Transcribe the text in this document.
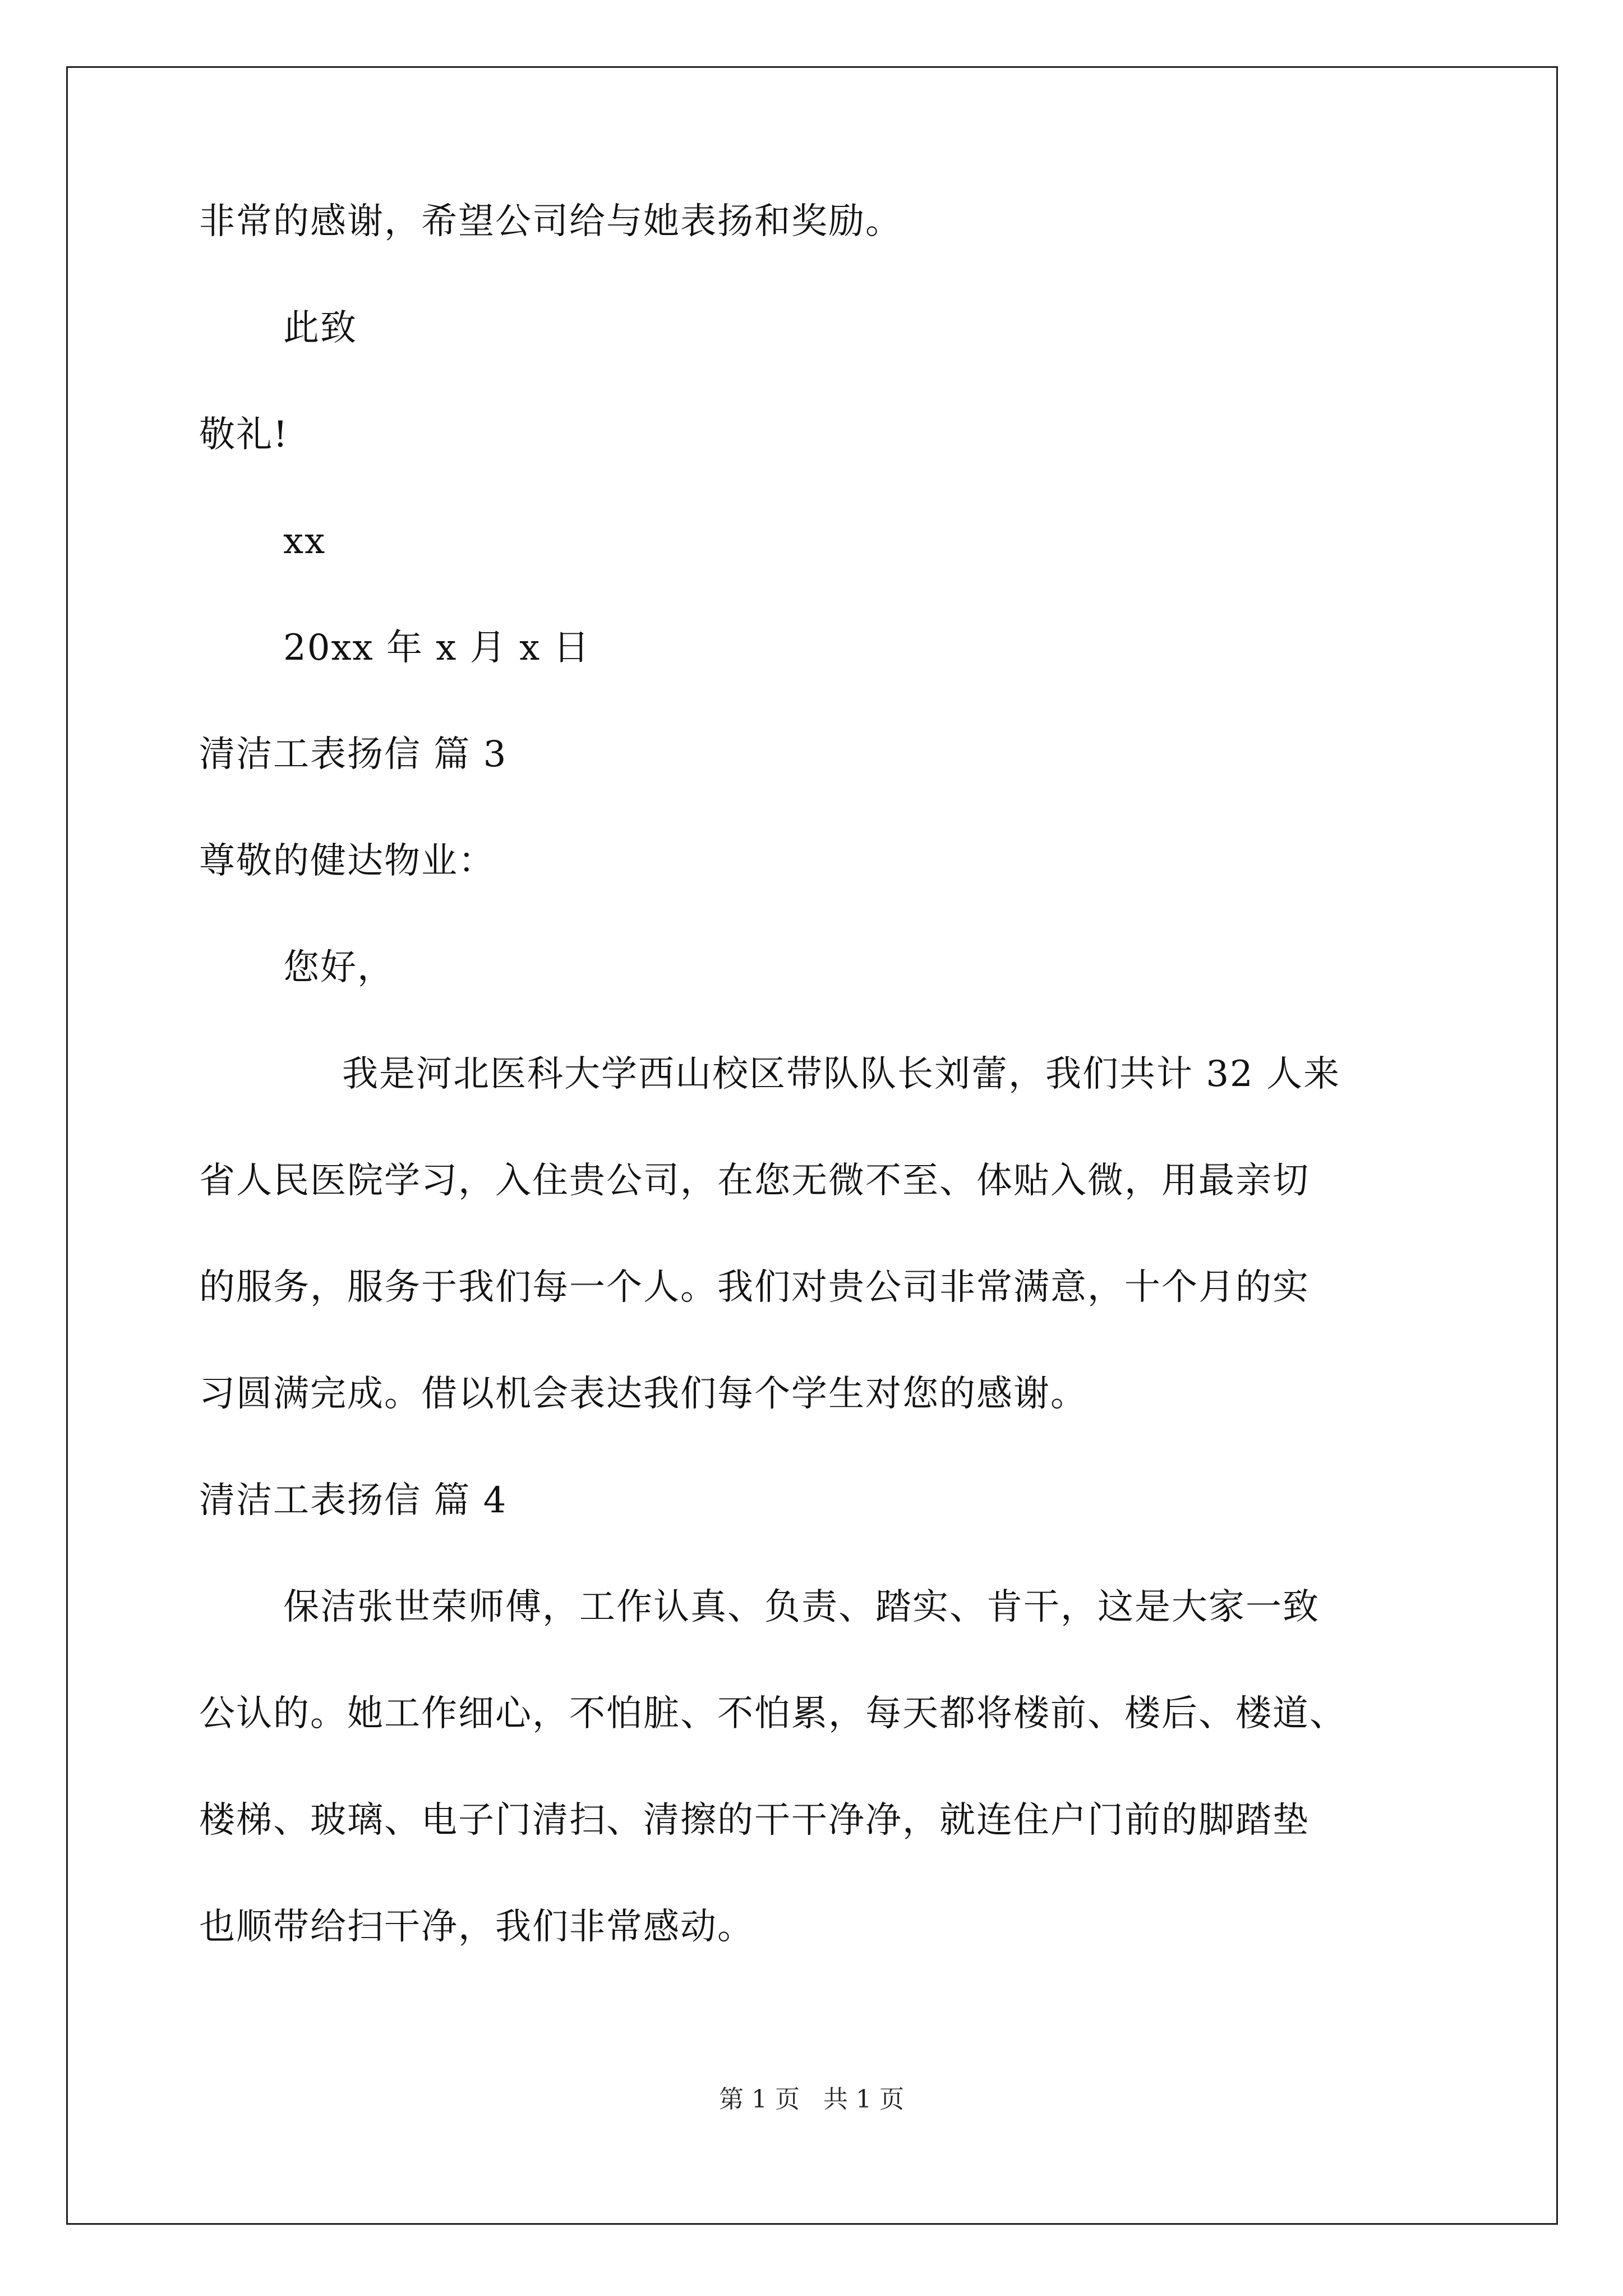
非常的感谢，希望公司给与她表扬和奖励。
此致
敬礼!
xx
20xx 年 x 月 x 日
清洁工表扬信 篇 3
尊敬的健达物业：
您好，
我是河北医科大学西山校区带队队长刘蕾，我们共计 32 人来
省人民医院学习，入住贵公司，在您无微不至、体贴入微，用最亲切
的服务，服务于我们每一个人。我们对贵公司非常满意，十个月的实
习圆满完成。借以机会表达我们每个学生对您的感谢。
清洁工表扬信 篇 4
保洁张世荣师傅，工作认真、负责、踏实、肯干，这是大家一致
公认的。她工作细心，不怕脏、不怕累，每天都将楼前、楼后、楼道、
楼梯、玻璃、电子门清扫、清擦的干干净净，就连住户门前的脚踏垫
也顺带给扫干净，我们非常感动。
第 1 页 共 1 页
